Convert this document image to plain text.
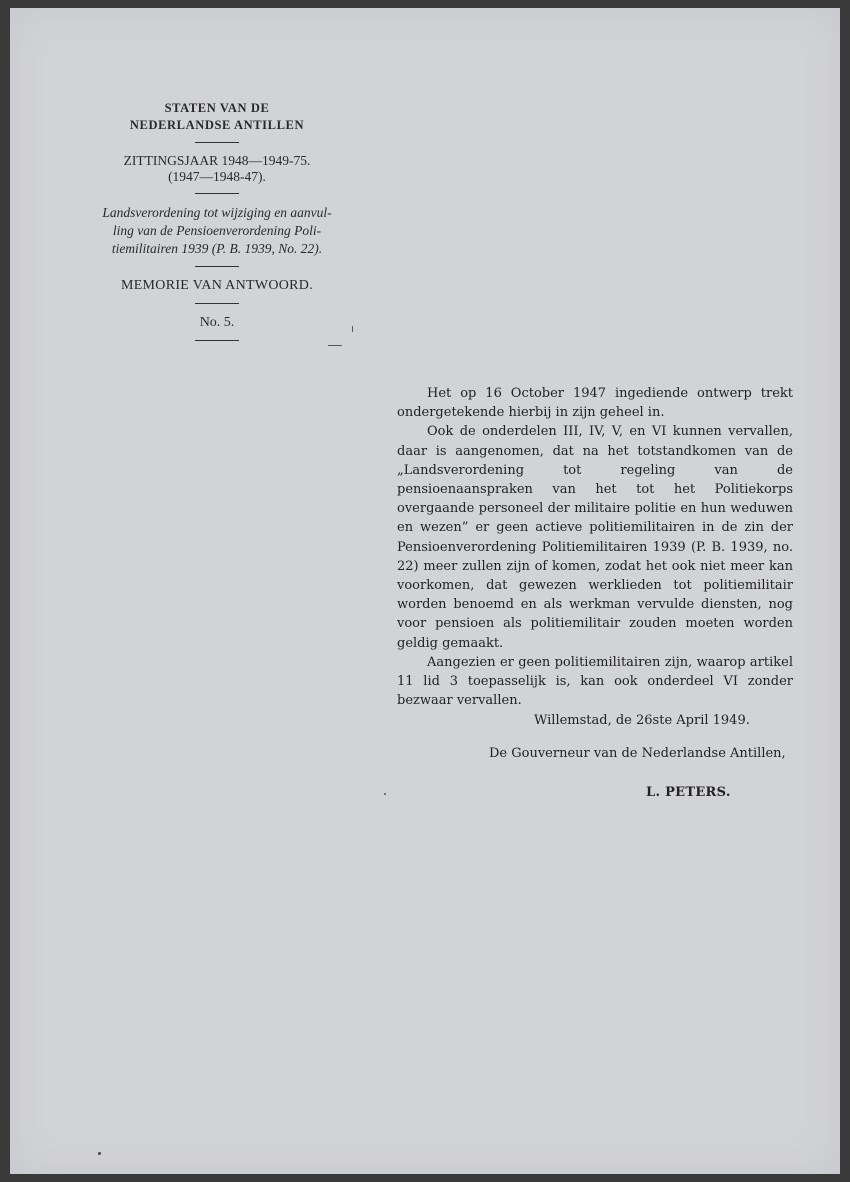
STATEN VAN DE
NEDERLANDSE ANTILLEN
ZITTINGSJAAR 1948—1949-75.
(1947—1948-47).
Landsverordening tot wijziging en aanvul-
ling van de Pensioenverordening Poli-
tiemilitairen 1939 (P. B. 1939, No. 22).
MEMORIE VAN ANTWOORD.
No. 5.

Het op 16 October 1947 ingediende ontwerp trekt ondergetekende hierbij in zijn geheel in.

Ook de onderdelen III, IV, V, en VI kunnen vervallen, daar is aangenomen, dat na het totstandkomen van de „Landsverordening tot regeling van de pensioenaanspraken van het tot het Politiekorps overgaande personeel der militaire politie en hun weduwen en wezen” er geen actieve politiemilitairen in de zin der Pensioenverordening Politiemilitairen 1939 (P. B. 1939, no. 22) meer zullen zijn of komen, zodat het ook niet meer kan voorkomen, dat gewezen werklieden tot politiemilitair worden benoemd en als werkman vervulde diensten, nog voor pensioen als politiemilitair zouden moeten worden geldig gemaakt.

Aangezien er geen politiemilitairen zijn, waarop artikel 11 lid 3 toepasselijk is, kan ook onderdeel VI zonder bezwaar vervallen.

Willemstad, de 26ste April 1949.
De Gouverneur van de Nederlandse Antillen,
L. PETERS.
